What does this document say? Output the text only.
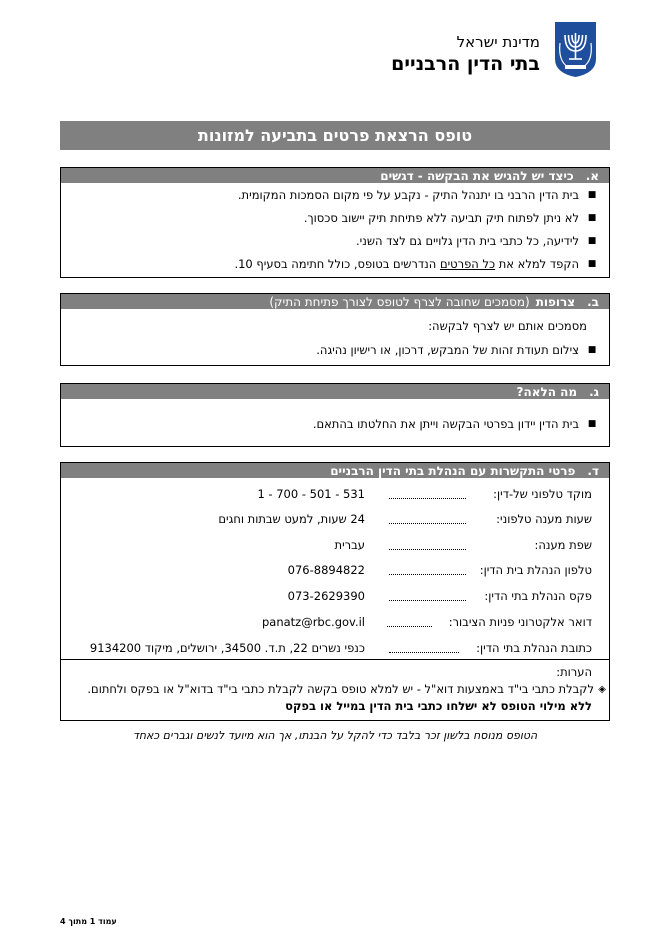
מדינת ישראל
בתי הדין הרבניים
טופס הרצאת פרטים בתביעה למזונות
א.
כיצד יש להגיש את הבקשה - דגשים
■
בית הדין הרבני בו יתנהל התיק - נקבע על פי מקום הסמכות המקומית.
■
לא ניתן לפתוח תיק תביעה ללא פתיחת תיק יישוב סכסוך.
■
לידיעה, כל כתבי בית הדין גלויים גם לצד השני.
■
הקפד למלא את כל הפרטים הנדרשים בטופס, כולל חתימה בסעיף 10.
ב.
צרופות
(מסמכים שחובה לצרף לטופס לצורך פתיחת התיק)
מסמכים אותם יש לצרף לבקשה:
■
צילום תעודת זהות של המבקש, דרכון, או רישיון נהיגה.
ג.
מה הלאה?
■
בית הדין יידון בפרטי הבקשה וייתן את החלטתו בהתאם.
ד.
פרטי התקשרות עם הנהלת בתי הדין הרבניים
מוקד טלפוני של-דין:
1 - 700 - 501 - 531
שעות מענה טלפוני:
24 שעות, למעט שבתות וחגים
שפת מענה:
עברית
טלפון הנהלת בית הדין:
076-8894822
פקס הנהלת בתי הדין:
073-2629390
דואר אלקטרוני פניות הציבור:
panatz@rbc.gov.il
כתובת הנהלת בתי הדין:
כנפי נשרים 22, ת.ד. 34500, ירושלים, מיקוד 9134200
הערות:
◈
לקבלת כתבי בי"ד באמצעות דוא"ל - יש למלא טופס בקשה לקבלת כתבי בי"ד בדוא"ל או בפקס ולחתום.
ללא מילוי הטופס לא ישלחו כתבי בית הדין במייל או בפקס
הטופס מנוסח בלשון זכר בלבד כדי להקל על הבנתו, אך הוא מיועד לנשים וגברים כאחד
עמוד 1 מתוך 4
